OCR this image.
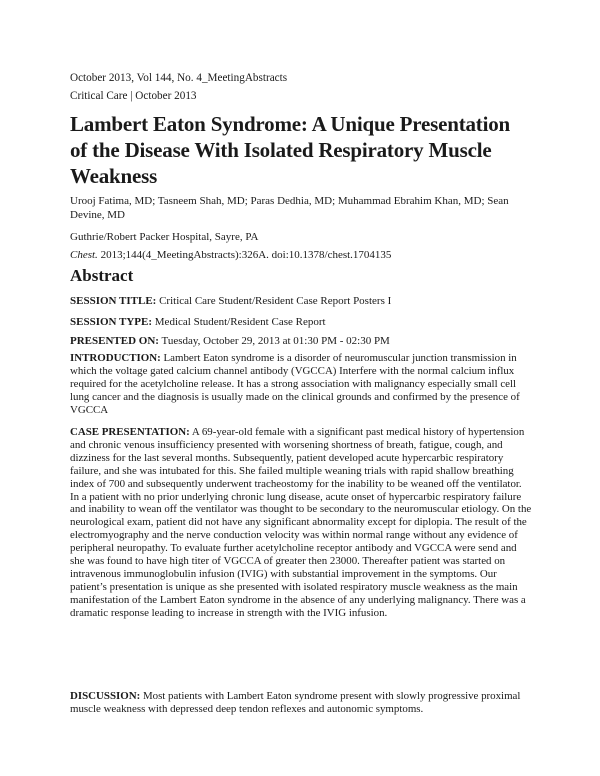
October 2013, Vol 144, No. 4_MeetingAbstracts
Critical Care | October 2013
Lambert Eaton Syndrome: A Unique Presentation of the Disease With Isolated Respiratory Muscle Weakness
Urooj Fatima, MD; Tasneem Shah, MD; Paras Dedhia, MD; Muhammad Ebrahim Khan, MD; Sean Devine, MD
Guthrie/Robert Packer Hospital, Sayre, PA
Chest. 2013;144(4_MeetingAbstracts):326A. doi:10.1378/chest.1704135
Abstract
SESSION TITLE: Critical Care Student/Resident Case Report Posters I
SESSION TYPE: Medical Student/Resident Case Report
PRESENTED ON: Tuesday, October 29, 2013 at 01:30 PM - 02:30 PM
INTRODUCTION: Lambert Eaton syndrome is a disorder of neuromuscular junction transmission in which the voltage gated calcium channel antibody (VGCCA) Interfere with the normal calcium influx required for the acetylcholine release. It has a strong association with malignancy especially small cell lung cancer and the diagnosis is usually made on the clinical grounds and confirmed by the presence of VGCCA
CASE PRESENTATION: A 69-year-old female with a significant past medical history of hypertension and chronic venous insufficiency presented with worsening shortness of breath, fatigue, cough, and dizziness for the last several months. Subsequently, patient developed acute hypercarbic respiratory failure, and she was intubated for this. She failed multiple weaning trials with rapid shallow breathing index of 700 and subsequently underwent tracheostomy for the inability to be weaned off the ventilator. In a patient with no prior underlying chronic lung disease, acute onset of hypercarbic respiratory failure and inability to wean off the ventilator was thought to be secondary to the neuromuscular etiology. On the neurological exam, patient did not have any significant abnormality except for diplopia. The result of the electromyography and the nerve conduction velocity was within normal range without any evidence of peripheral neuropathy. To evaluate further acetylcholine receptor antibody and VGCCA were send and she was found to have high titer of VGCCA of greater then 23000. Thereafter patient was started on intravenous immunoglobulin infusion (IVIG) with substantial improvement in the symptoms. Our patient’s presentation is unique as she presented with isolated respiratory muscle weakness as the main manifestation of the Lambert Eaton syndrome in the absence of any underlying malignancy. There was a dramatic response leading to increase in strength with the IVIG infusion.
DISCUSSION: Most patients with Lambert Eaton syndrome present with slowly progressive proximal muscle weakness with depressed deep tendon reflexes and autonomic symptoms.
